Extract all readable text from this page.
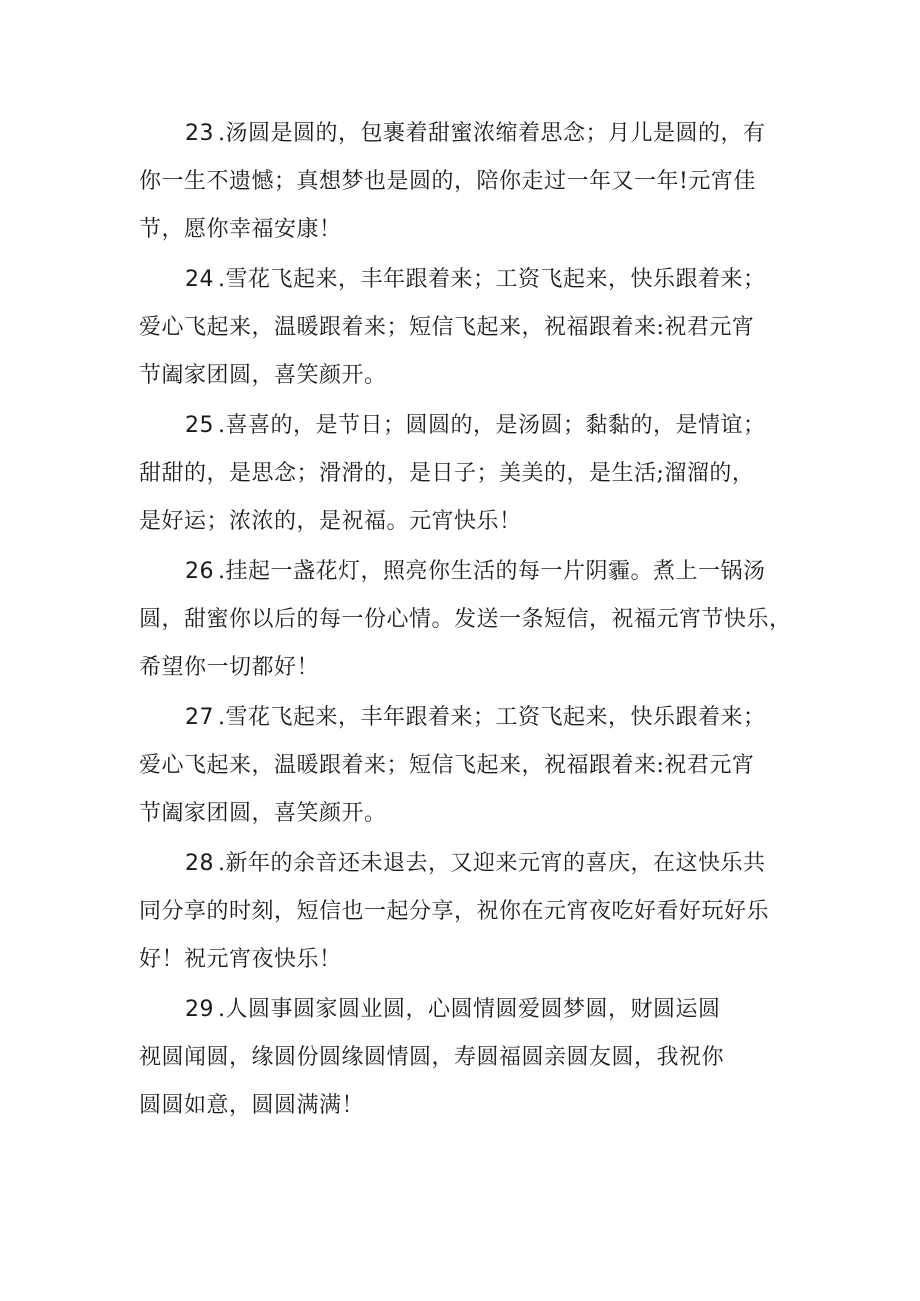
23 .汤圆是圆的，包裹着甜蜜浓缩着思念；月儿是圆的，有
你一生不遗憾；真想梦也是圆的，陪你走过一年又一年!元宵佳
节，愿你幸福安康！

24 .雪花飞起来，丰年跟着来；工资飞起来，快乐跟着来；
爱心飞起来，温暖跟着来；短信飞起来，祝福跟着来:祝君元宵
节阖家团圆，喜笑颜开。

25 .喜喜的，是节日；圆圆的，是汤圆；黏黏的，是情谊；
甜甜的，是思念；滑滑的，是日子；美美的，是生活;溜溜的，
是好运；浓浓的，是祝福。元宵快乐！

26 .挂起一盏花灯，照亮你生活的每一片阴霾。煮上一锅汤
圆，甜蜜你以后的每一份心情。发送一条短信，祝福元宵节快乐，
希望你一切都好！

27 .雪花飞起来，丰年跟着来；工资飞起来，快乐跟着来；
爱心飞起来，温暖跟着来；短信飞起来，祝福跟着来:祝君元宵
节阖家团圆，喜笑颜开。

28 .新年的余音还未退去，又迎来元宵的喜庆，在这快乐共
同分享的时刻，短信也一起分享，祝你在元宵夜吃好看好玩好乐
好！祝元宵夜快乐！

29 .人圆事圆家圆业圆，心圆情圆爱圆梦圆，财圆运圆
视圆闻圆，缘圆份圆缘圆情圆，寿圆福圆亲圆友圆，我祝你
圆圆如意，圆圆满满！
